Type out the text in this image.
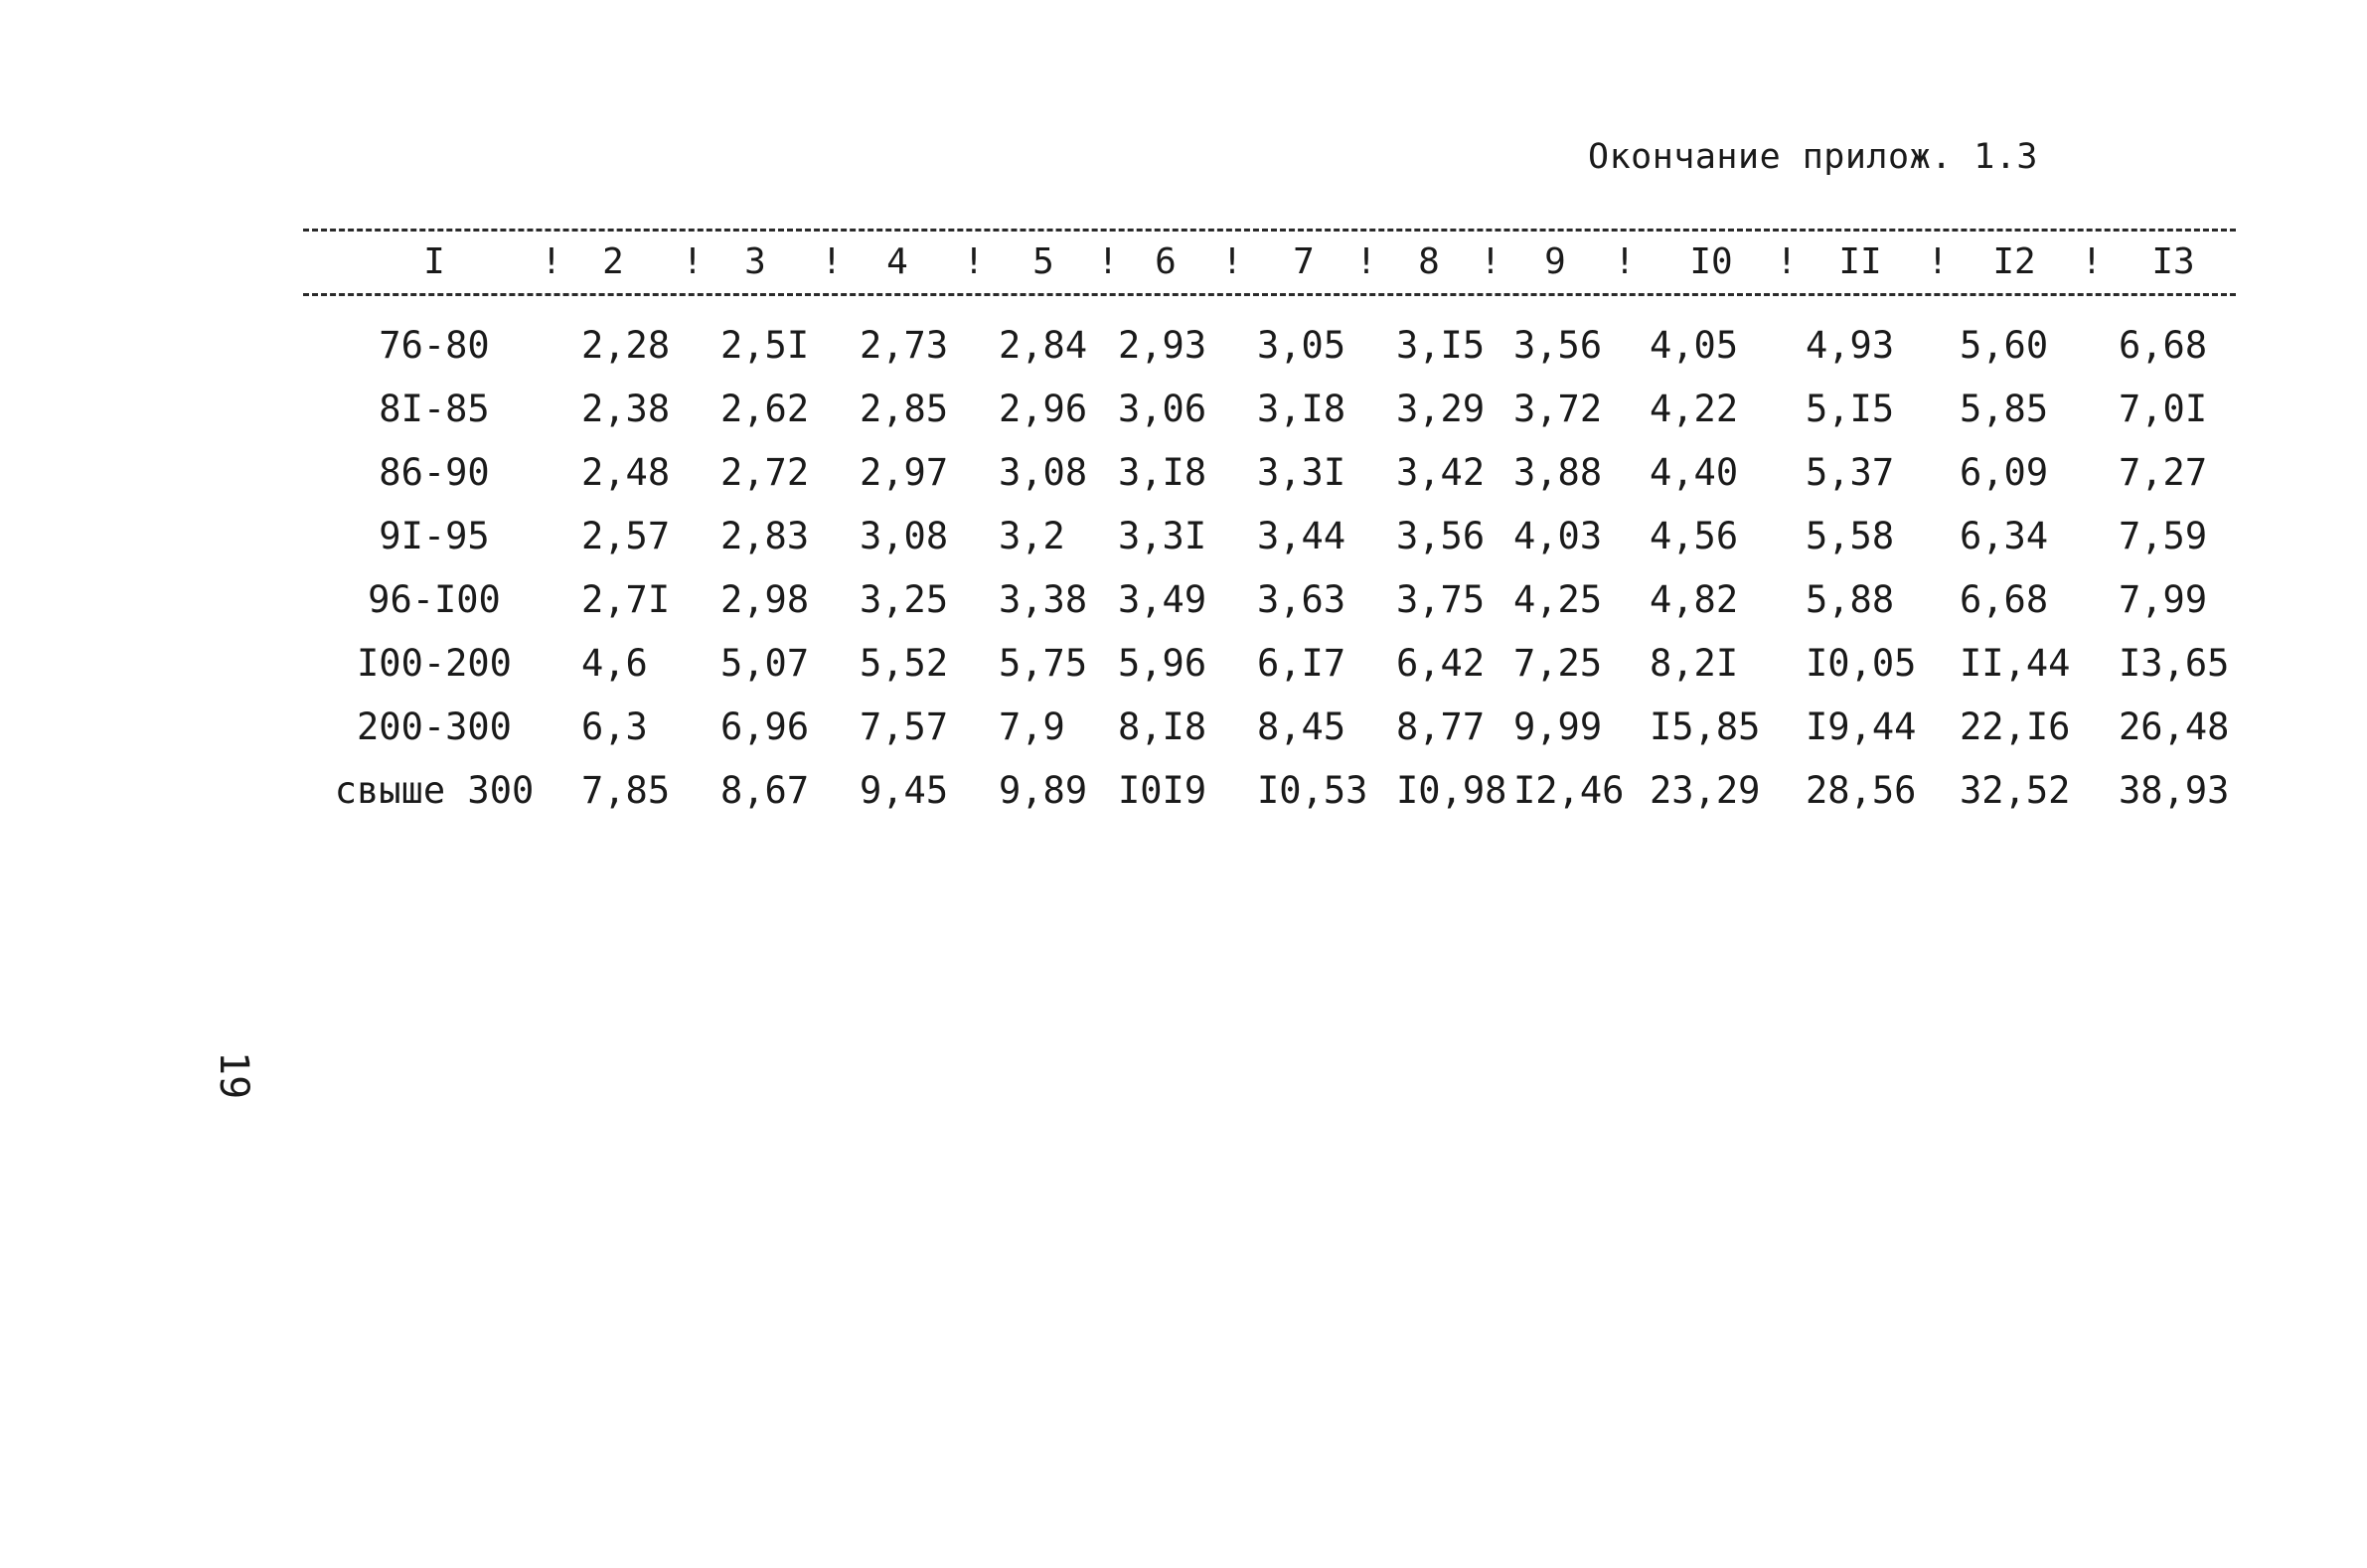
Окончание прилож. 1.3
I	2	3	4	5	6	7	8	9	I0	II	I2	I3
!	!	!	!	!	!	!	!	!	!	!	!
76-80 2,28 2,5I 2,73 2,84 2,93 3,05 3,I5 3,56 4,05 4,93 5,60 6,68
8I-85 2,38 2,62 2,85 2,96 3,06 3,I8 3,29 3,72 4,22 5,I5 5,85 7,0I
86-90 2,48 2,72 2,97 3,08 3,I8 3,3I 3,42 3,88 4,40 5,37 6,09 7,27
9I-95 2,57 2,83 3,08 3,2 3,3I 3,44 3,56 4,03 4,56 5,58 6,34 7,59
96-I00 2,7I 2,98 3,25 3,38 3,49 3,63 3,75 4,25 4,82 5,88 6,68 7,99
I00-200 4,6 5,07 5,52 5,75 5,96 6,I7 6,42 7,25 8,2I I0,05 II,44 I3,65
200-300 6,3 6,96 7,57 7,9 8,I8 8,45 8,77 9,99 I5,85 I9,44 22,I6 26,48
свыше 300 7,85 8,67 9,45 9,89 I0I9 I0,53 I0,98 I2,46 23,29 28,56 32,52 38,93
19
